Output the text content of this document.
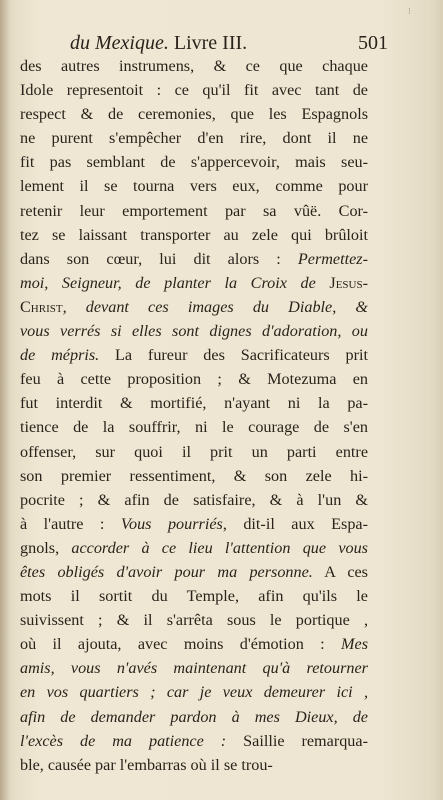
⁝
du Mexique. Livre III.	501
des autres instrumens, & ce que chaque
Idole representoit : ce qu'il fit avec tant de
respect & de ceremonies, que les Espagnols
ne purent s'empêcher d'en rire, dont il ne
fit pas semblant de s'appercevoir, mais seu-
lement il se tourna vers eux, comme pour
retenir leur emportement par sa vûë. Cor-
tez se laissant transporter au zele qui brûloit
dans son cœur, lui dit alors : Permettez-
moi, Seigneur, de planter la Croix de Jesus-
Christ, devant ces images du Diable, &
vous verrés si elles sont dignes d'adoration, ou
de mépris. La fureur des Sacrificateurs prit
feu à cette proposition ; & Motezuma en
fut interdit & mortifié, n'ayant ni la pa-
tience de la souffrir, ni le courage de s'en
offenser, sur quoi il prit un parti entre
son premier ressentiment, & son zele hi-
pocrite ; & afin de satisfaire, & à l'un &
à l'autre : Vous pourriés, dit-il aux Espa-
gnols, accorder à ce lieu l'attention que vous
êtes obligés d'avoir pour ma personne. A ces
mots il sortit du Temple, afin qu'ils le
suivissent ; & il s'arrêta sous le portique ,
où il ajouta, avec moins d'émotion : Mes
amis, vous n'avés maintenant qu'à retourner
en vos quartiers ; car je veux demeurer ici ,
afin de demander pardon à mes Dieux, de
l'excès de ma patience : Saillie remarqua-
ble, causée par l'embarras où il se trou-
